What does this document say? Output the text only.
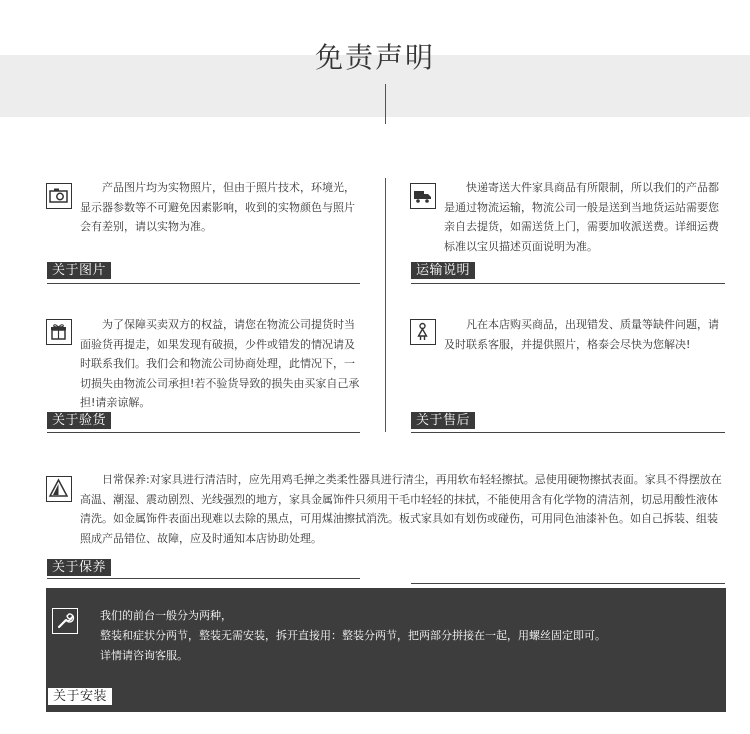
免责声明
产品图片均为实物照片，但由于照片技术，环境光，显示器参数等不可避免因素影响，收到的实物颜色与照片会有差别，请以实物为准。
关于图片
快递寄送大件家具商品有所限制，所以我们的产品都是通过物流运输，物流公司一般是送到当地货运站需要您亲自去提货，如需送货上门，需要加收派送费。详细运费标准以宝贝描述页面说明为准。
运输说明
为了保障买卖双方的权益，请您在物流公司提货时当面验货再提走，如果发现有破损，少件或错发的情况请及时联系我们。我们会和物流公司协商处理，此情况下，一切损失由物流公司承担!若不验货导致的损失由买家自己承担!请亲谅解。
关于验货
凡在本店购买商品，出现错发、质量等缺件问题，请及时联系客服，并提供照片，格泰会尽快为您解决!
关于售后
日常保养:对家具进行清洁时，应先用鸡毛掸之类柔性器具进行清尘，再用软布轻轻擦拭。忌使用硬物擦拭表面。家具不得摆放在高温、潮湿、震动剧烈、光线强烈的地方，家具金属饰件只须用干毛巾轻轻的抹拭，不能使用含有化学物的清洁剂，切忌用酸性液体清洗。如金属饰件表面出现难以去除的黑点，可用煤油擦拭消洗。板式家具如有划伤或碰伤，可用同色油漆补色。如自己拆装、组装照成产品错位、故障，应及时通知本店协助处理。
关于保养
我们的前台一般分为两种，
整装和症状分两节，整装无需安装，拆开直接用：整装分两节，把两部分拼接在一起，用螺丝固定即可。
详情请咨询客服。
关于安装
